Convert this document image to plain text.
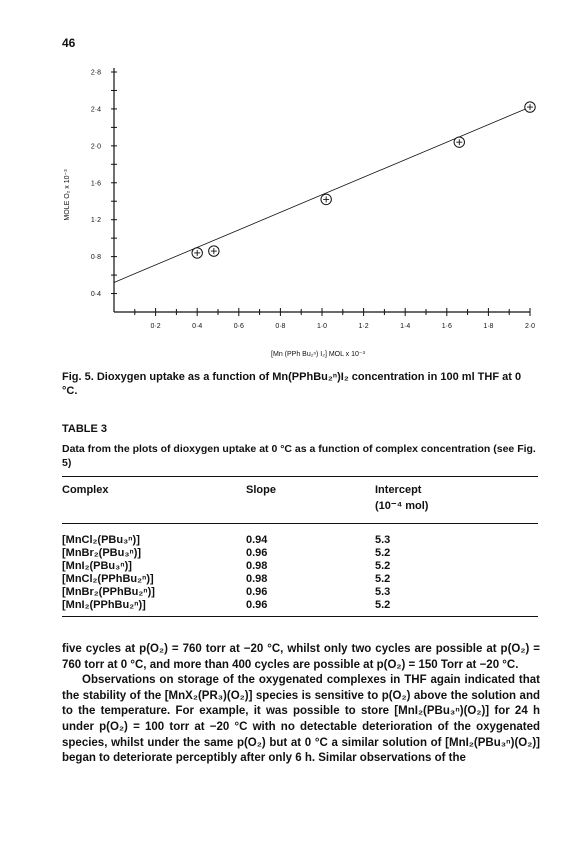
46
0·4
0·8
1·2
1·6
2·0
2·4
2·8
0·2	0·4	0·6	0·8	1·0	1·2	1·4	1·6	1·8	2·0
MOLE O₂ x 10⁻³
[Mn (PPh Bu₂ⁿ) I₂] MOL x 10⁻³
Fig. 5. Dioxygen uptake as a function of Mn(PPhBu₂ⁿ)I₂ concentration in 100 ml THF at 0 °C.
TABLE 3
Data from the plots of dioxygen uptake at 0 °C as a function of complex concentration (see Fig. 5)
Complex	Slope	Intercept
(10⁻⁴ mol)
[MnCl₂(PBu₃ⁿ)]	0.94	5.3
[MnBr₂(PBu₃ⁿ)]	0.96	5.2
[MnI₂(PBu₃ⁿ)]	0.98	5.2
[MnCl₂(PPhBu₂ⁿ)]	0.98	5.2
[MnBr₂(PPhBu₂ⁿ)]	0.96	5.3
[MnI₂(PPhBu₂ⁿ)]	0.96	5.2

five cycles at p(O₂) = 760 torr at −20 °C, whilst only two cycles are possible at p(O₂) = 760 torr at 0 °C, and more than 400 cycles are possible at p(O₂) = 150 Torr at −20 °C.

Observations on storage of the oxygenated complexes in THF again indicated that the stability of the [MnX₂(PR₃)(O₂)] species is sensitive to p(O₂) above the solution and to the temperature. For example, it was possible to store [MnI₂(PBu₃ⁿ)(O₂)] for 24 h under p(O₂) = 100 torr at −20 °C with no detectable deterioration of the oxygenated species, whilst under the same p(O₂) but at 0 °C a similar solution of [MnI₂(PBu₃ⁿ)(O₂)] began to deteriorate perceptibly after only 6 h. Similar observations of the
